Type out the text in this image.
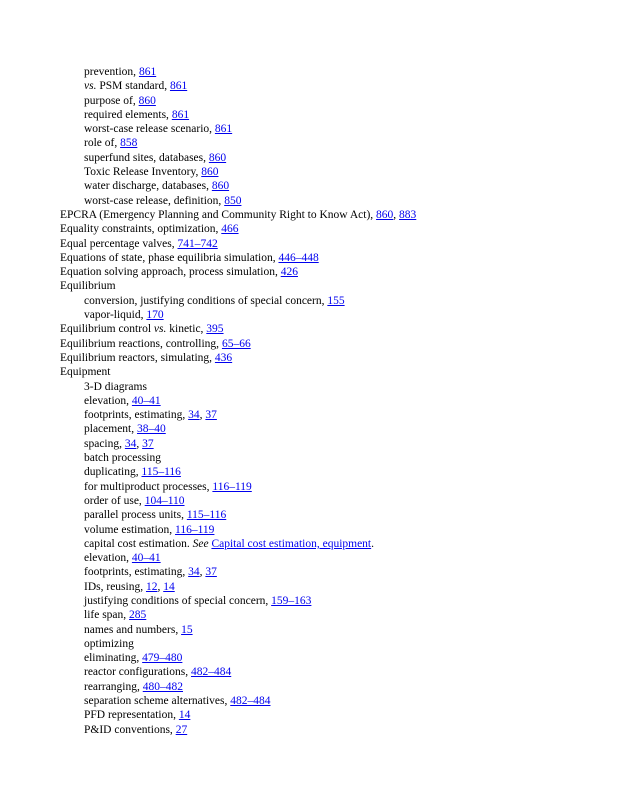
prevention, 861
vs. PSM standard, 861
purpose of, 860
required elements, 861
worst-case release scenario, 861
role of, 858
superfund sites, databases, 860
Toxic Release Inventory, 860
water discharge, databases, 860
worst-case release, definition, 850
EPCRA (Emergency Planning and Community Right to Know Act), 860, 883
Equality constraints, optimization, 466
Equal percentage valves, 741–742
Equations of state, phase equilibria simulation, 446–448
Equation solving approach, process simulation, 426
Equilibrium
conversion, justifying conditions of special concern, 155
vapor-liquid, 170
Equilibrium control vs. kinetic, 395
Equilibrium reactions, controlling, 65–66
Equilibrium reactors, simulating, 436
Equipment
3-D diagrams
elevation, 40–41
footprints, estimating, 34, 37
placement, 38–40
spacing, 34, 37
batch processing
duplicating, 115–116
for multiproduct processes, 116–119
order of use, 104–110
parallel process units, 115–116
volume estimation, 116–119
capital cost estimation. See Capital cost estimation, equipment.
elevation, 40–41
footprints, estimating, 34, 37
IDs, reusing, 12, 14
justifying conditions of special concern, 159–163
life span, 285
names and numbers, 15
optimizing
eliminating, 479–480
reactor configurations, 482–484
rearranging, 480–482
separation scheme alternatives, 482–484
PFD representation, 14
P&ID conventions, 27
